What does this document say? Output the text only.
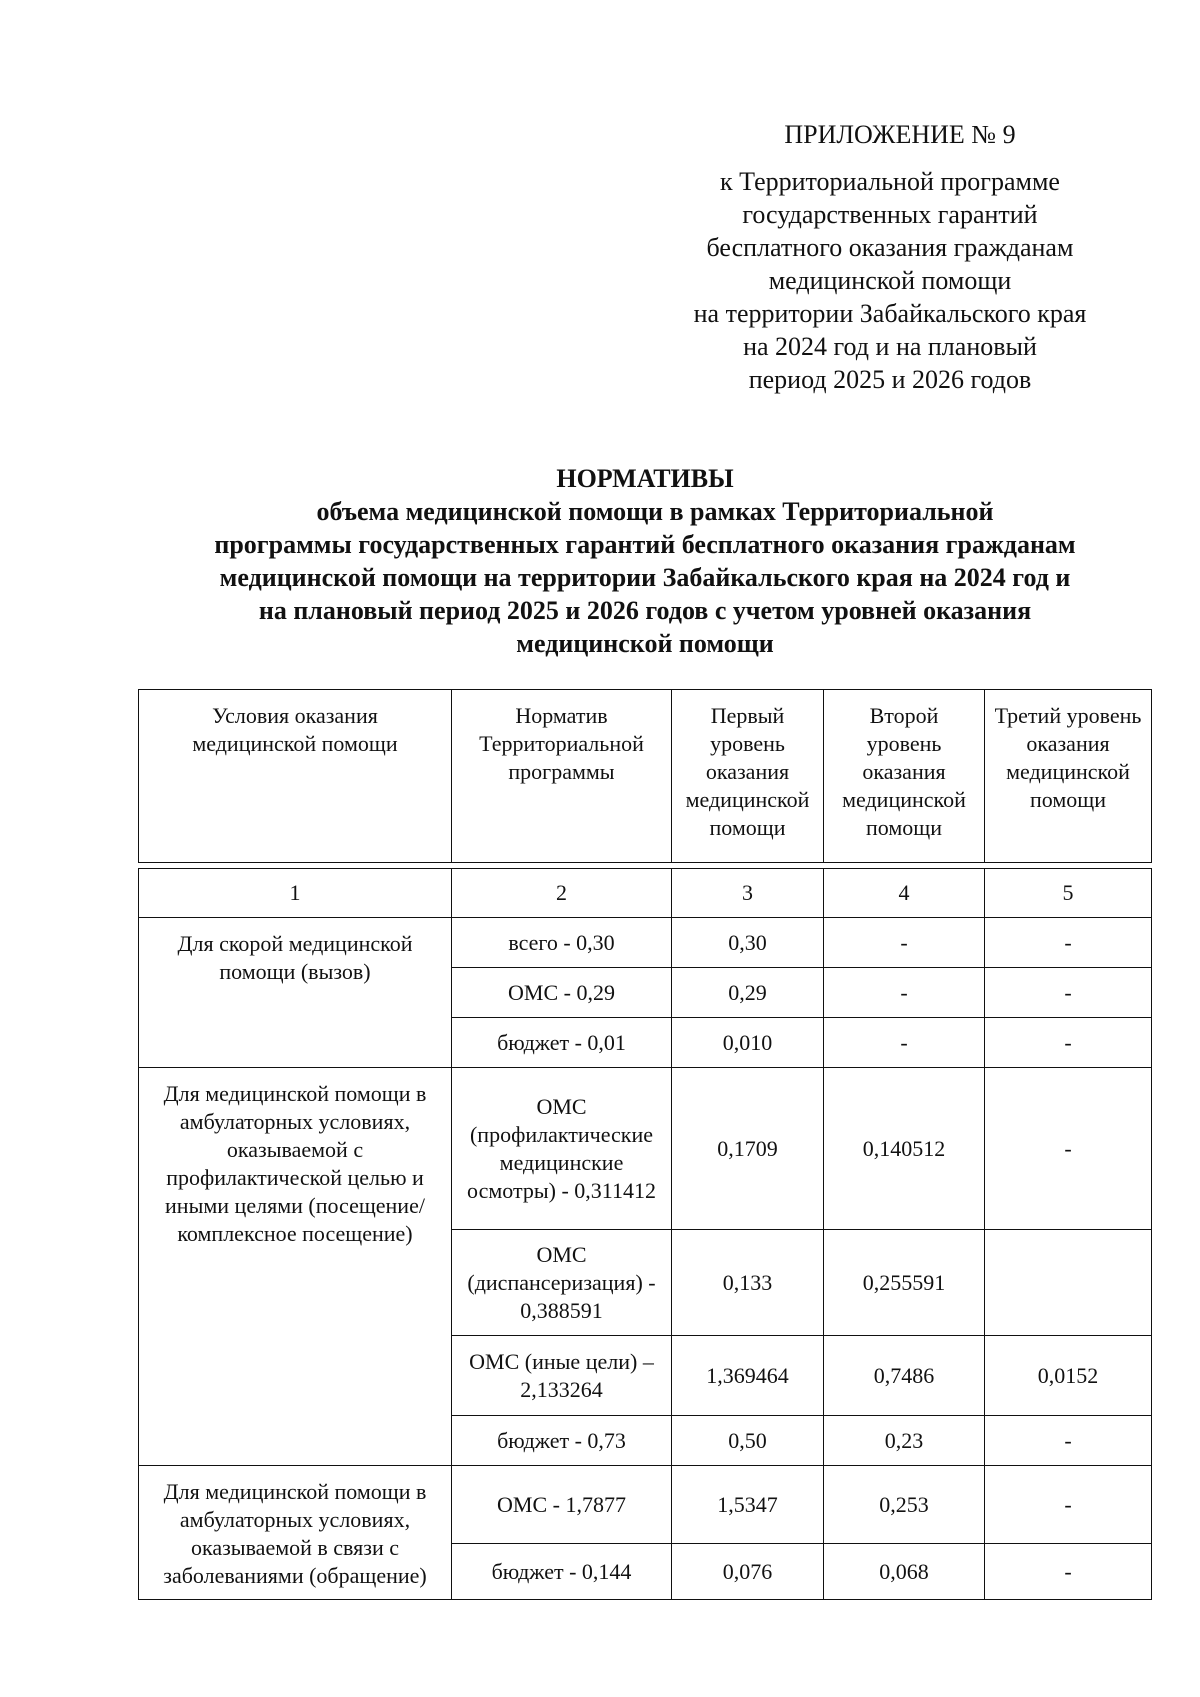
ПРИЛОЖЕНИЕ № 9
к Территориальной программе
государственных гарантий
бесплатного оказания гражданам
медицинской помощи
на территории Забайкальского края
на 2024 год и на плановый
период 2025 и 2026 годов
НОРМАТИВЫ
объема медицинской помощи в рамках Территориальной
программы государственных гарантий бесплатного оказания гражданам
медицинской помощи на территории Забайкальского края на 2024 год и
на плановый период 2025 и 2026 годов с учетом уровней оказания
медицинской помощи
Условия оказания медицинской помощи	Норматив Территориальной программы	Первый уровень оказания медицинской помощи	Второй уровень оказания медицинской помощи	Третий уровень оказания медицинской помощи

1	2	3	4	5
Для скорой медицинской помощи (вызов)	всего - 0,30	0,30	-	-
	ОМС - 0,29	0,29	-	-
	бюджет - 0,01	0,010	-	-
Для медицинской помощи в амбулаторных условиях, оказываемой с профилактической целью и иными целями (посещение/комплексное посещение)	ОМС (профилактические медицинские осмотры) - 0,311412	0,1709	0,140512	-
	ОМС (диспансеризация) - 0,388591	0,133	0,255591	
	ОМС (иные цели) – 2,133264	1,369464	0,7486	0,0152
	бюджет - 0,73	0,50	0,23	-
Для медицинской помощи в амбулаторных условиях, оказываемой в связи с заболеваниями (обращение)	ОМС - 1,7877	1,5347	0,253	-
	бюджет - 0,144	0,076	0,068	-
